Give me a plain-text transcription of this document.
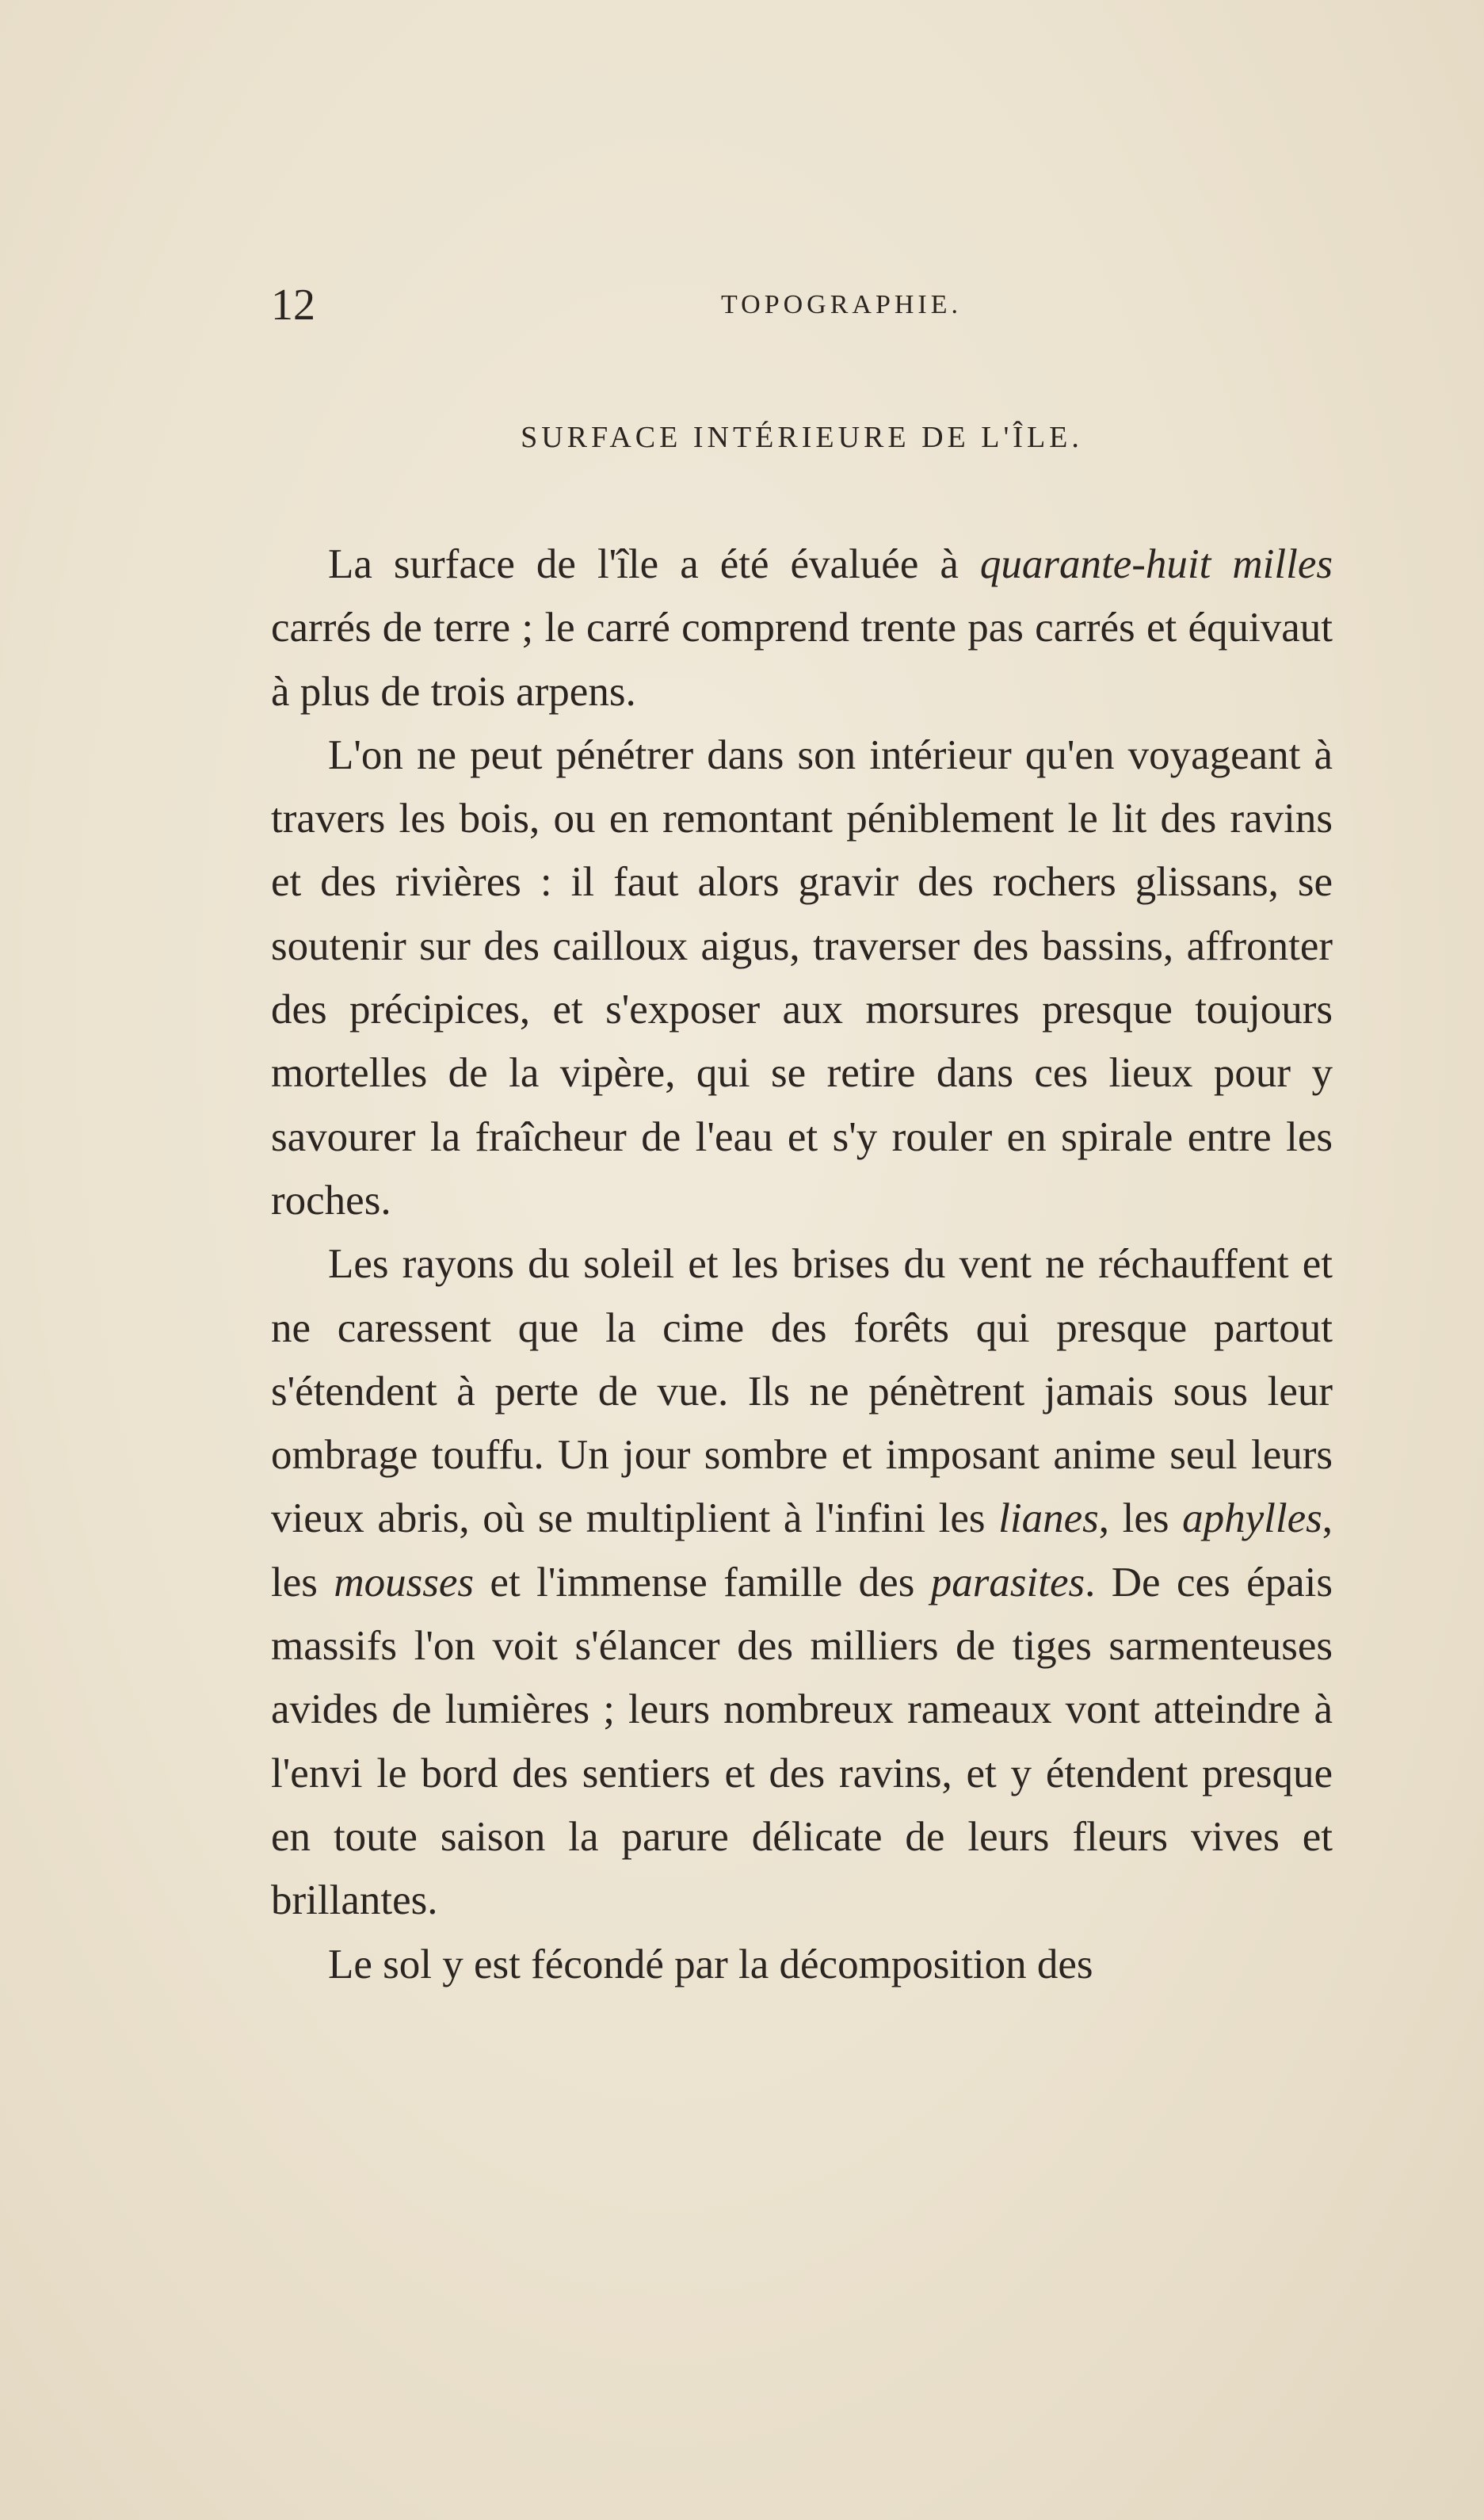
12	TOPOGRAPHIE.
SURFACE INTÉRIEURE DE L'ÎLE.

La surface de l'île a été évaluée à quarante-huit milles carrés de terre ; le carré comprend trente pas carrés et équivaut à plus de trois arpens.

L'on ne peut pénétrer dans son intérieur qu'en voyageant à travers les bois, ou en remontant péniblement le lit des ravins et des rivières : il faut alors gravir des rochers glissans, se soutenir sur des cailloux aigus, traverser des bassins, affronter des précipices, et s'exposer aux morsures presque toujours mortelles de la vipère, qui se retire dans ces lieux pour y savourer la fraîcheur de l'eau et s'y rouler en spirale entre les roches.

Les rayons du soleil et les brises du vent ne réchauffent et ne caressent que la cime des forêts qui presque partout s'étendent à perte de vue. Ils ne pénètrent jamais sous leur ombrage touffu. Un jour sombre et imposant anime seul leurs vieux abris, où se multiplient à l'infini les lianes, les aphylles, les mousses et l'immense famille des parasites. De ces épais massifs l'on voit s'élancer des milliers de tiges sarmenteuses avides de lumières ; leurs nombreux rameaux vont atteindre à l'envi le bord des sentiers et des ravins, et y étendent presque en toute saison la parure délicate de leurs fleurs vives et brillantes.

Le sol y est fécondé par la décomposition des
